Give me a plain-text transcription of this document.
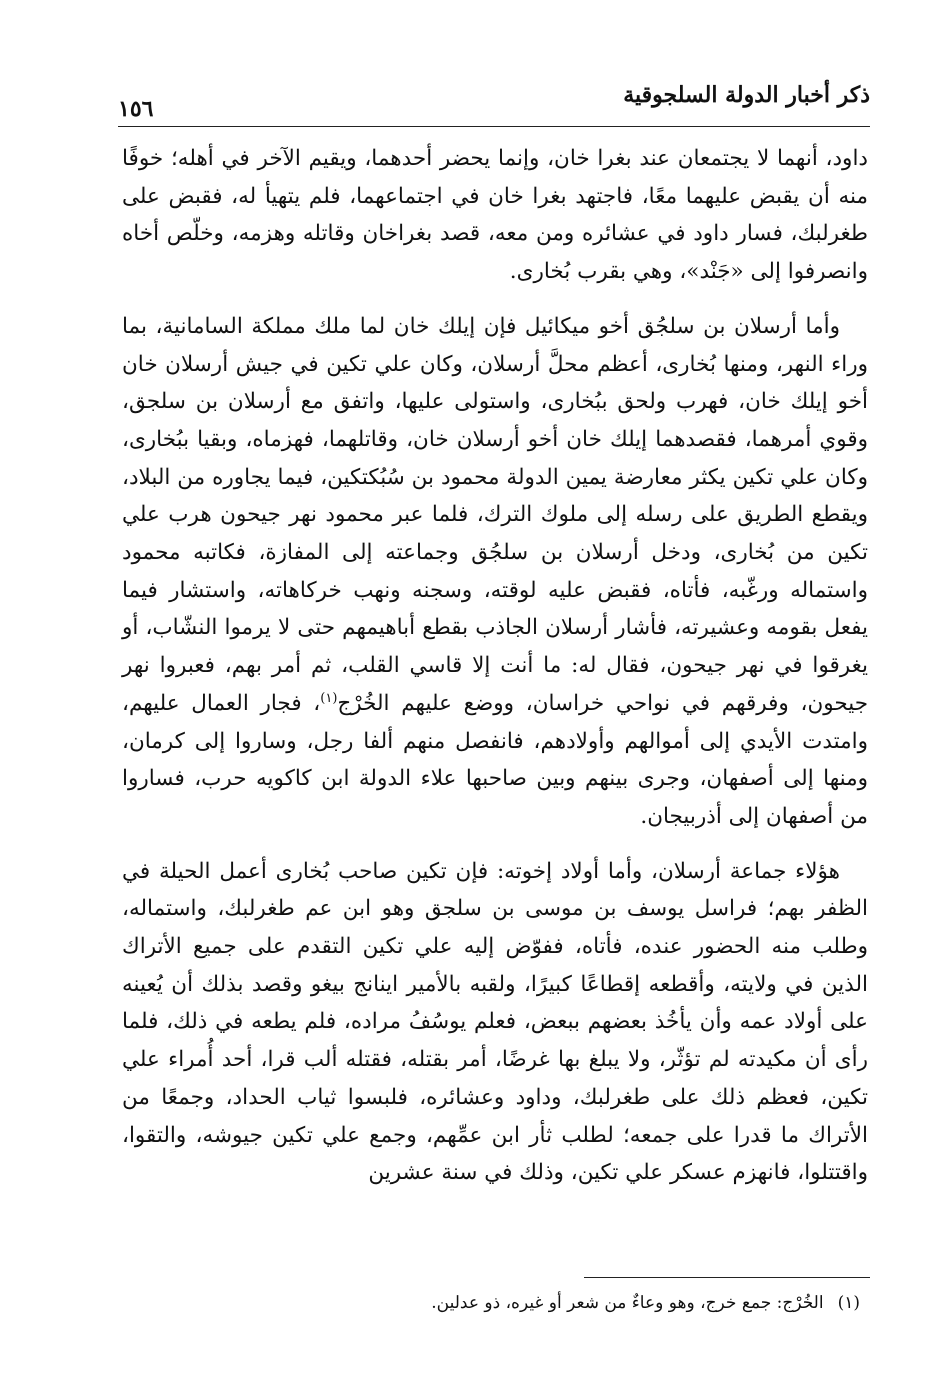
ذكر أخبار الدولة السلجوقية
١٥٦

داود، أنهما لا يجتمعان عند بغرا خان، وإنما يحضر أحدهما، ويقيم الآخر في أهله؛ خوفًا منه أن يقبض عليهما معًا، فاجتهد بغرا خان في اجتماعهما، فلم يتهيأ له، فقبض على طغرلبك، فسار داود في عشائره ومن معه، قصد بغراخان وقاتله وهزمه، وخلّص أخاه وانصرفوا إلى «جَنْد»، وهي بقرب بُخارى.

وأما أرسلان بن سلجُق أخو ميكائيل فإن إيلك خان لما ملك مملكة السامانية، بما وراء النهر، ومنها بُخارى، أعظم محلَّ أرسلان، وكان علي تكين في جيش أرسلان خان أخو إيلك خان، فهرب ولحق ببُخارى، واستولى عليها، واتفق مع أرسلان بن سلجق، وقوي أمرهما، فقصدهما إيلك خان أخو أرسلان خان، وقاتلهما، فهزماه، وبقيا ببُخارى، وكان علي تكين يكثر معارضة يمين الدولة محمود بن سُبُكتكين، فيما يجاوره من البلاد، ويقطع الطريق على رسله إلى ملوك الترك، فلما عبر محمود نهر جيحون هرب علي تكين من بُخارى، ودخل أرسلان بن سلجُق وجماعته إلى المفازة، فكاتبه محمود واستماله ورغّبه، فأتاه، فقبض عليه لوقته، وسجنه ونهب خركاهاته، واستشار فيما يفعل بقومه وعشيرته، فأشار أرسلان الجاذب بقطع أباهيمهم حتى لا يرموا النشّاب، أو يغرقوا في نهر جيحون، فقال له: ما أنت إلا قاسي القلب، ثم أمر بهم، فعبروا نهر جيحون، وفرقهم في نواحي خراسان، ووضع عليهم الخُرْج$^{(١)}$، فجار العمال عليهم، وامتدت الأيدي إلى أموالهم وأولادهم، فانفصل منهم ألفا رجل، وساروا إلى كرمان، ومنها إلى أصفهان، وجرى بينهم وبين صاحبها علاء الدولة ابن كاكويه حرب، فساروا من أصفهان إلى أذربيجان.

هؤلاء جماعة أرسلان، وأما أولاد إخوته: فإن تكين صاحب بُخارى أعمل الحيلة في الظفر بهم؛ فراسل يوسف بن موسى بن سلجق وهو ابن عم طغرلبك، واستماله، وطلب منه الحضور عنده، فأتاه، ففوّض إليه علي تكين التقدم على جميع الأتراك الذين في ولايته، وأقطعه إقطاعًا كبيرًا، ولقبه بالأمير اينانج بيغو وقصد بذلك أن يُعينه على أولاد عمه وأن يأخُذ بعضهم ببعض، فعلم يوسُفُ مراده، فلم يطعه في ذلك، فلما رأى أن مكيدته لم تؤثّر، ولا يبلغ بها غرضًا، أمر بقتله، فقتله ألب قرا، أحد أُمراء علي تكين، فعظم ذلك على طغرلبك، وداود وعشائره، فلبسوا ثياب الحداد، وجمعًا من الأتراك ما قدرا على جمعه؛ لطلب ثأر ابن عمِّهم، وجمع علي تكين جيوشه، والتقوا، واقتتلوا، فانهزم عسكر علي تكين، وذلك في سنة عشرين

(١)الخُرْج: جمع خرج، وهو وعاءٌ من شعر أو غيره، ذو عدلين.
